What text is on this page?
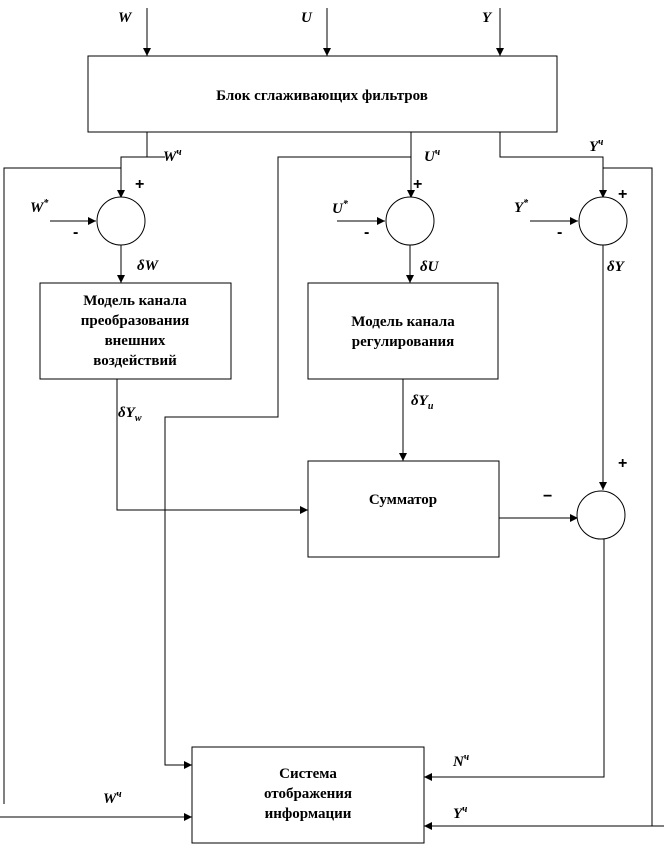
W	U	Y
Блок сглаживающих фильтров
$W^ч$
+
W*
-
δW
Модель канала
преобразования
внешних
воздействий
$\delta Y_w$
$U^ч$
+
U*
-
δU
Модель канала
регулирования
$\delta Y_u$
$Y^ч$
+
Y*
-
δY
+
Сумматор	−
$N^ч$
$W^ч$
$Y^ч$
Система
отображения
информации
